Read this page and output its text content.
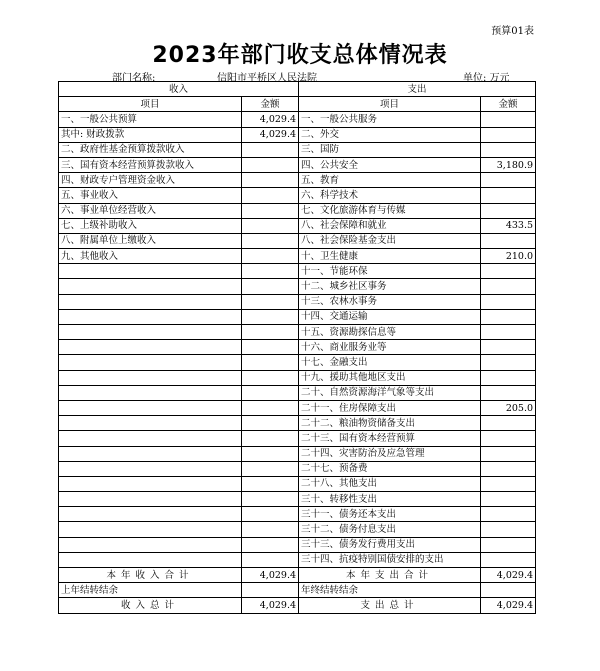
预算01表
2023年部门收支总体情况表
部门名称:	信阳市平桥区人民法院	单位: 万元
收入		支出	
项目	金额	项目	金额
一、一般公共预算	4,029.4	一、一般公共服务	
其中: 财政拨款	4,029.4	二、外交	
二、政府性基金预算拨款收入		三、国防	
三、国有资本经营预算拨款收入		四、公共安全	3,180.9
四、财政专户管理资金收入		五、教育	
五、事业收入		六、科学技术	
六、事业单位经营收入		七、文化旅游体育与传媒	
七、上级补助收入		八、社会保障和就业	433.5
八、附属单位上缴收入		八、社会保险基金支出	
九、其他收入		十、卫生健康	210.0
		十一、节能环保	
		十二、城乡社区事务	
		十三、农林水事务	
		十四、交通运输	
		十五、资源勘探信息等	
		十六、商业服务业等	
		十七、金融支出	
		十九、援助其他地区支出	
		二十、自然资源海洋气象等支出	
		二十一、住房保障支出	205.0
		二十二、粮油物资储备支出	
		二十三、国有资本经营预算	
		二十四、灾害防治及应急管理	
		二十七、预备费	
		二十八、其他支出	
		三十、转移性支出	
		三十一、债务还本支出	
		三十二、债务付息支出	
		三十三、债务发行费用支出	
		三十四、抗疫特别国债安排的支出	
本年收入合计	4,029.4	本年支出合计	4,029.4
上年结转结余		年终结转结余	
收入总计	4,029.4	支出总计	4,029.4
